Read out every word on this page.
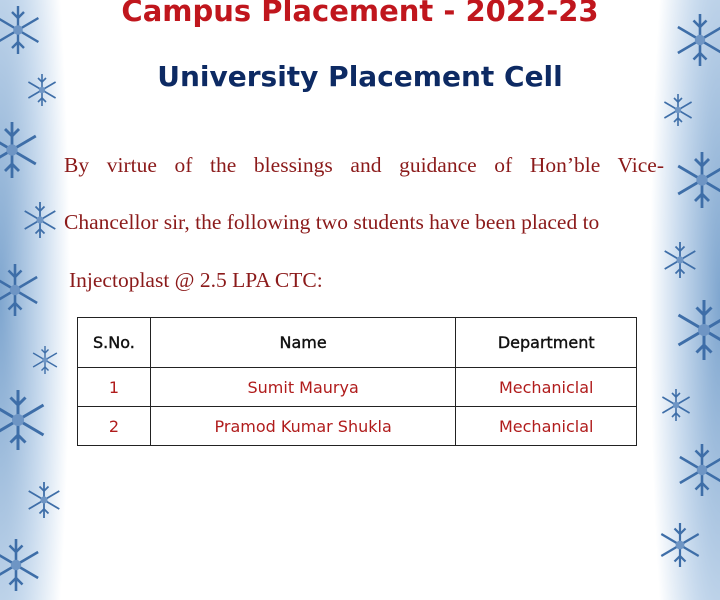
Campus Placement - 2022-23
University Placement Cell

By virtue of the blessings and guidance of Hon’ble Vice-

Chancellor sir, the following two students have been placed to

Injectoplast @ 2.5 LPA CTC:

S.No.	Name	Department
1	Sumit Maurya	Mechaniclal
2	Pramod Kumar Shukla	Mechaniclal
